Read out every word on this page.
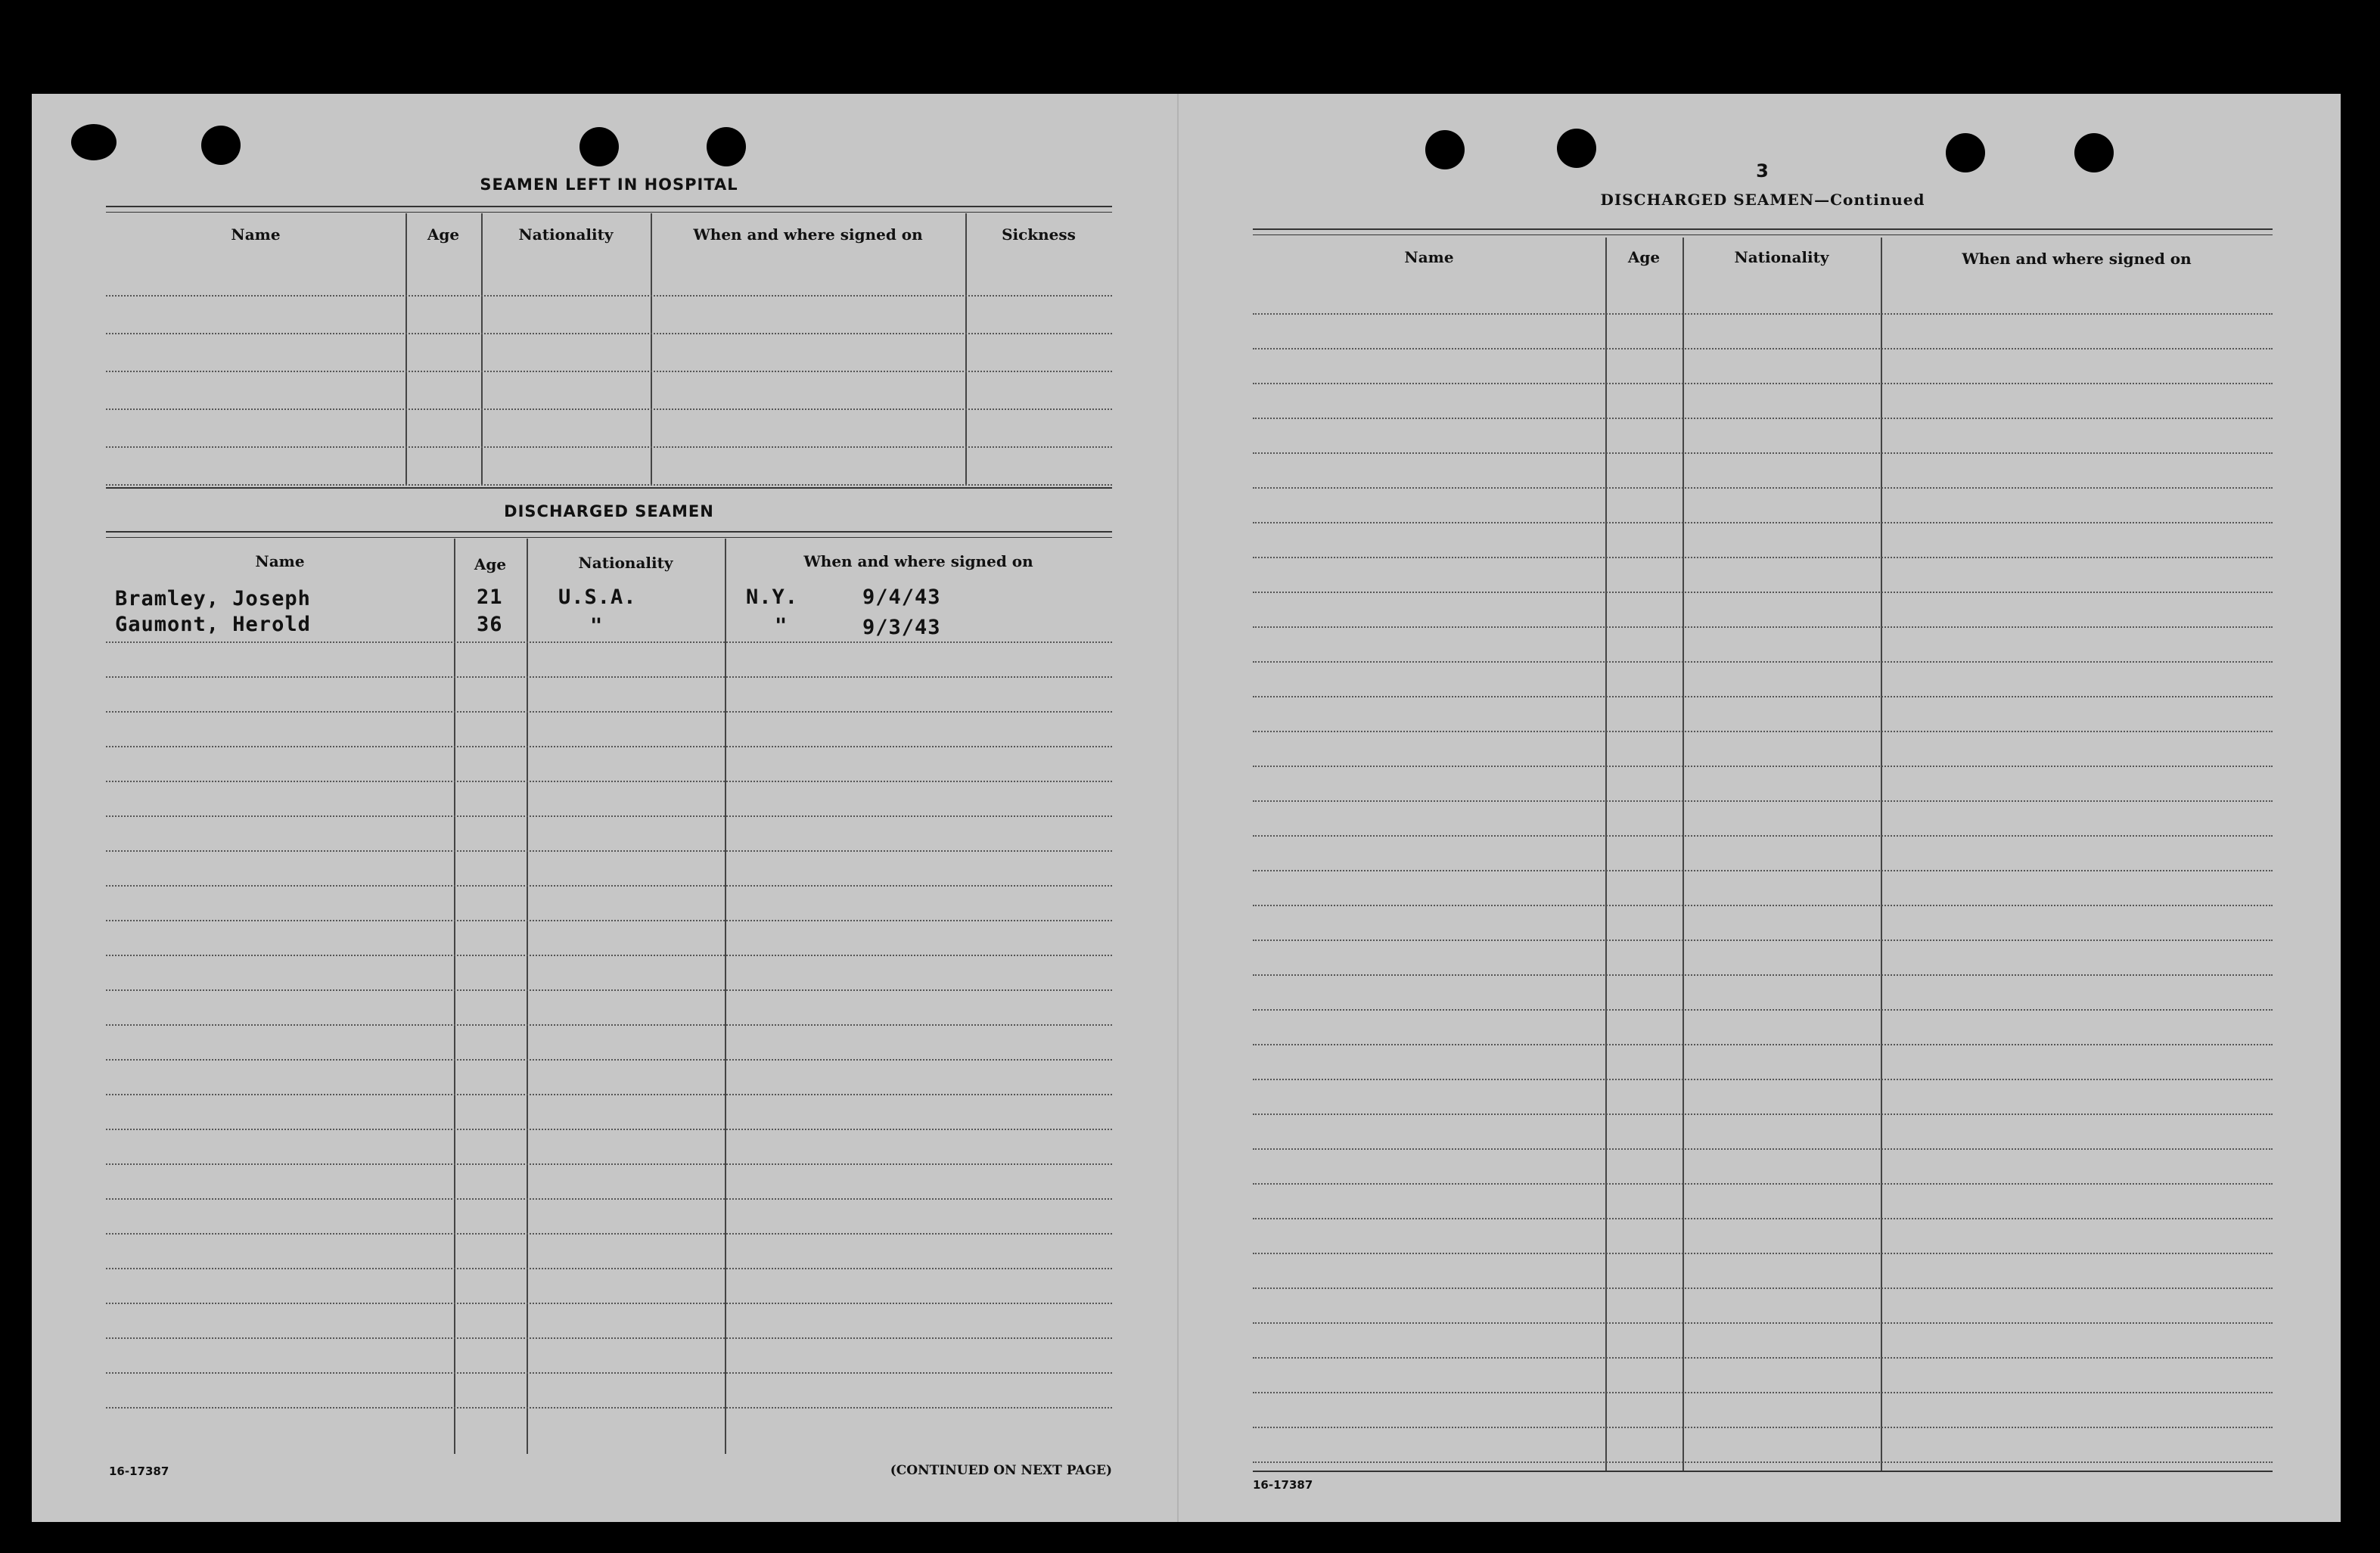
SEAMEN LEFT IN HOSPITAL
Name	Age	Nationality	When and where signed on	Sickness
DISCHARGED SEAMEN
Name	Age	Nationality	When and where signed on
Bramley, Joseph	21	U.S.A.	N.Y.	9/4/43
Gaumont, Herold	36	"	"	9/3/43
16-17387	(CONTINUED ON NEXT PAGE)
3
DISCHARGED SEAMEN—Continued
Name	Age	Nationality	When and where signed on
16-17387
